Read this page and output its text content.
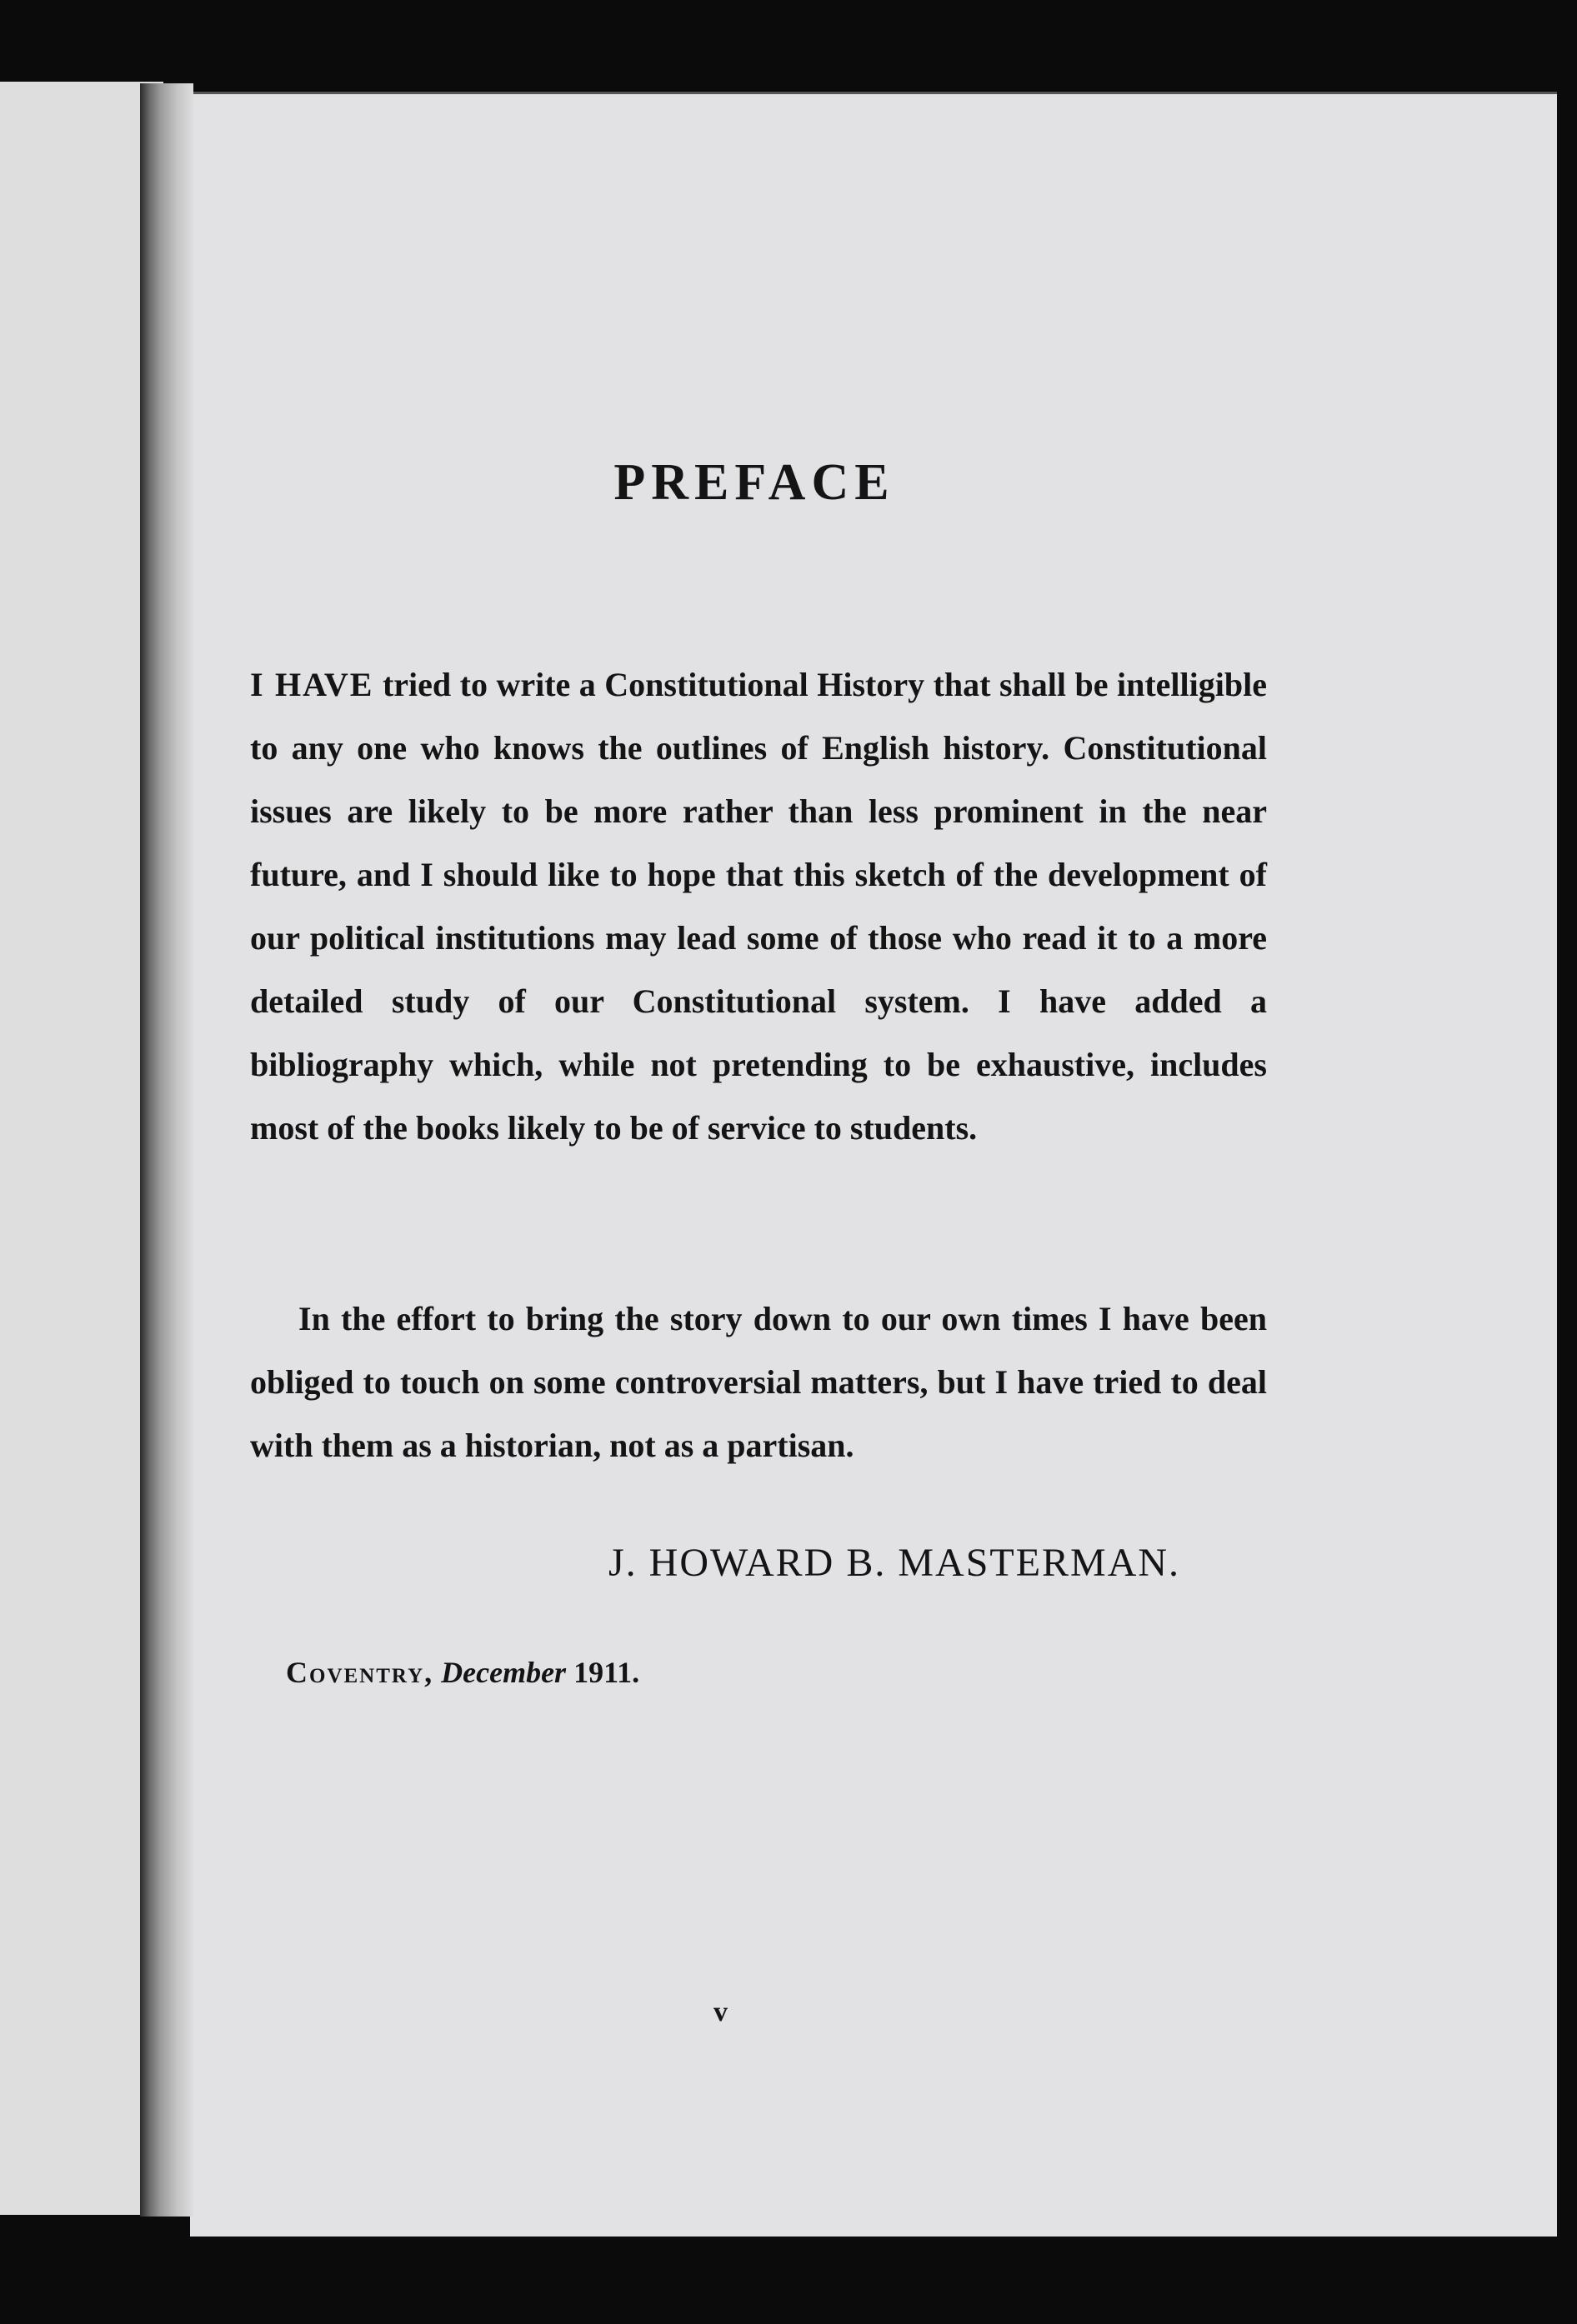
PREFACE

I HAVE tried to write a Constitutional History that shall be intelligible to any one who knows the outlines of English history. Constitutional issues are likely to be more rather than less prominent in the near future, and I should like to hope that this sketch of the development of our political institutions may lead some of those who read it to a more detailed study of our Constitutional system. I have added a bibliography which, while not pretending to be exhaustive, includes most of the books likely to be of service to students.

In the effort to bring the story down to our own times I have been obliged to touch on some controversial matters, but I have tried to deal with them as a historian, not as a partisan.

J. HOWARD B. MASTERMAN.
Coventry, December 1911.
v
